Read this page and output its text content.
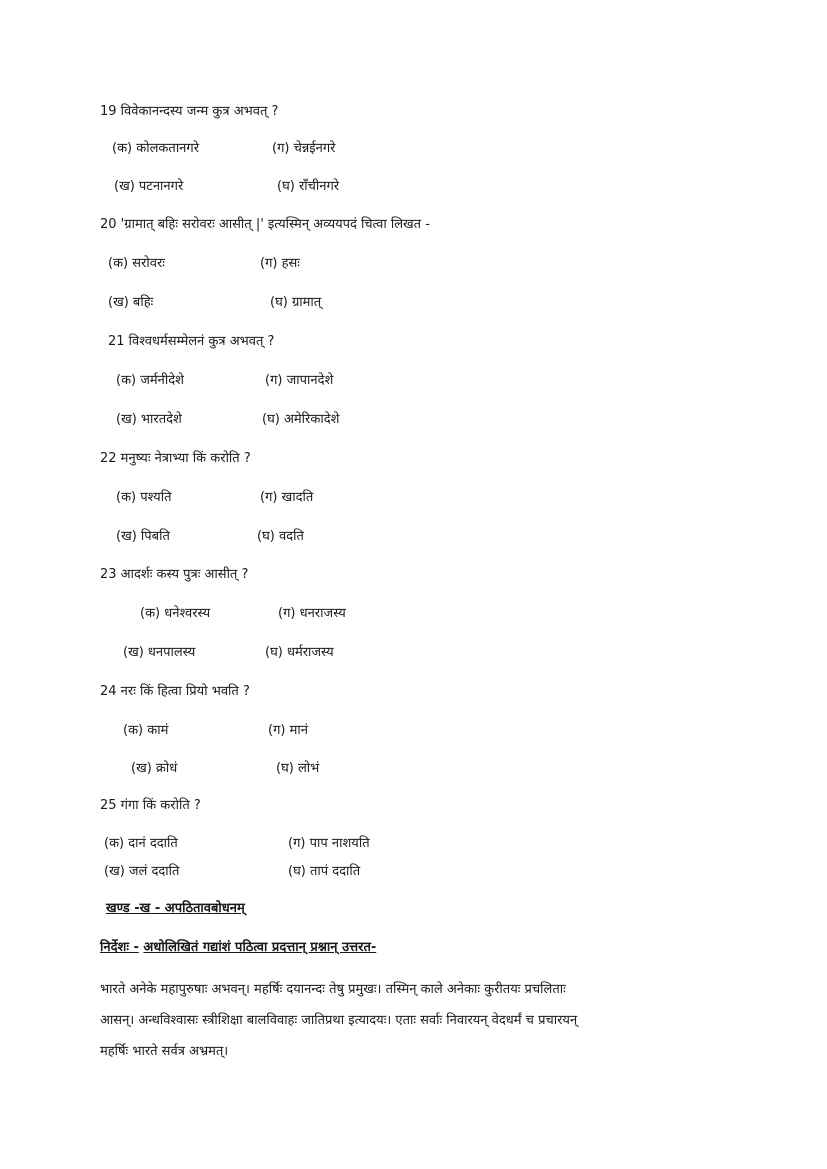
19 विवेकानन्दस्य जन्म कुत्र अभवत् ?
(क) कोलकतानगरे	(ग) चेन्नईनगरे
(ख) पटनानगरे	(घ) राँचीनगरे
20 'ग्रामात् बहिः सरोवरः आसीत् |' इत्यस्मिन् अव्ययपदं चित्वा लिखत -
(क) सरोवरः	(ग) हसः
(ख) बहिः	(घ) ग्रामात्
21 विश्वधर्मसम्मेलनं कुत्र अभवत् ?
(क) जर्मनीदेशे	(ग) जापानदेशे
(ख) भारतदेशे	(घ) अमेरिकादेशे
22 मनुष्यः नेत्राभ्या किं करोति ?
(क) पश्यति	(ग) खादति
(ख) पिबति	(घ) वदति
23 आदर्शः कस्य पुत्रः आसीत् ?
(क) धनेश्वरस्य	(ग) धनराजस्य
(ख) धनपालस्य	(घ) धर्मराजस्य
24 नरः किं हित्वा प्रियो भवति ?
(क) कामं	(ग) मानं
(ख) क्रोधं	(घ) लोभं
25 गंगा किं करोति ?
(क) दानं ददाति	(ग) पाप नाशयति
(ख) जलं ददाति	(घ) तापं ददाति
खण्ड -ख - अपठितावबोधनम्
निर्देशः - अधोलिखितं गद्यांशं पठित्वा प्रदत्तान् प्रश्नान् उत्तरत-
भारते अनेके महापुरुषाः अभवन्। महर्षिः दयानन्दः तेषु प्रमुखः। तस्मिन् काले अनेकाः कुरीतयः प्रचलिताः
आसन्। अन्धविश्वासः स्त्रीशिक्षा बालविवाहः जातिप्रथा इत्यादयः। एताः सर्वाः निवारयन् वेदधर्मं च प्रचारयन्
महर्षिः भारते सर्वत्र अभ्रमत्।
